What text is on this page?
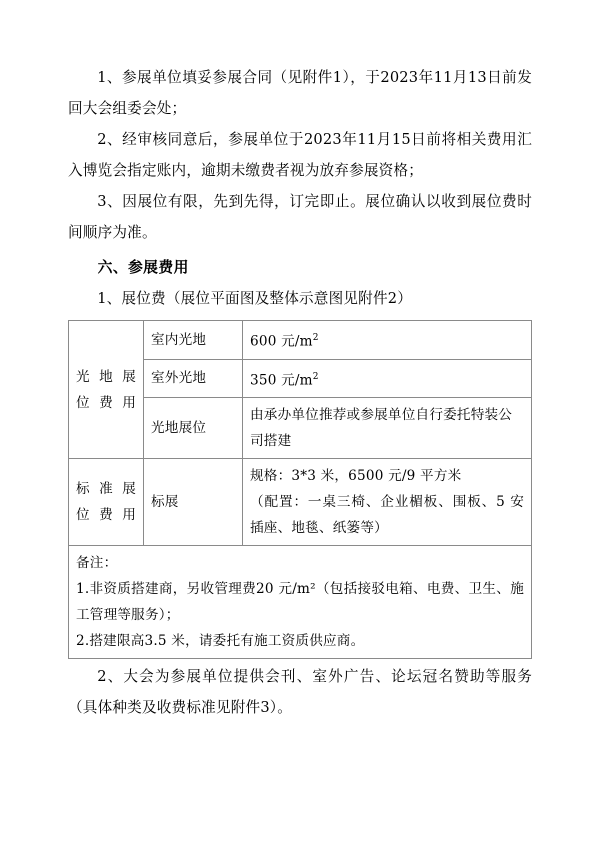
1、参展单位填妥参展合同（见附件1），于2023年11月13日前发回大会组委会处；

2、经审核同意后，参展单位于2023年11月15日前将相关费用汇入博览会指定账内，逾期未缴费者视为放弃参展资格；

3、因展位有限，先到先得，订完即止。展位确认以收到展位费时间顺序为准。

六、参展费用

1、展位费（展位平面图及整体示意图见附件2）

光 地 展 位费用	室内光地	600 元$/m^2$
	室外光地	350 元$/m^2$
	光地展位	由承办单位推荐或参展单位自行委托特装公司搭建
标 准 展 位费用	标展	规格：3*3 米，6500 元/9 平方米
（配置：一桌三椅、企业楣板、围板、5 安插座、地毯、纸篓等）

备注：
1.非资质搭建商，另收管理费20 元/m²（包括接驳电箱、电费、卫生、施工管理等服务）；
2.搭建限高3.5 米，请委托有施工资质供应商。		

2、大会为参展单位提供会刊、室外广告、论坛冠名赞助等服务（具体种类及收费标准见附件3）。
